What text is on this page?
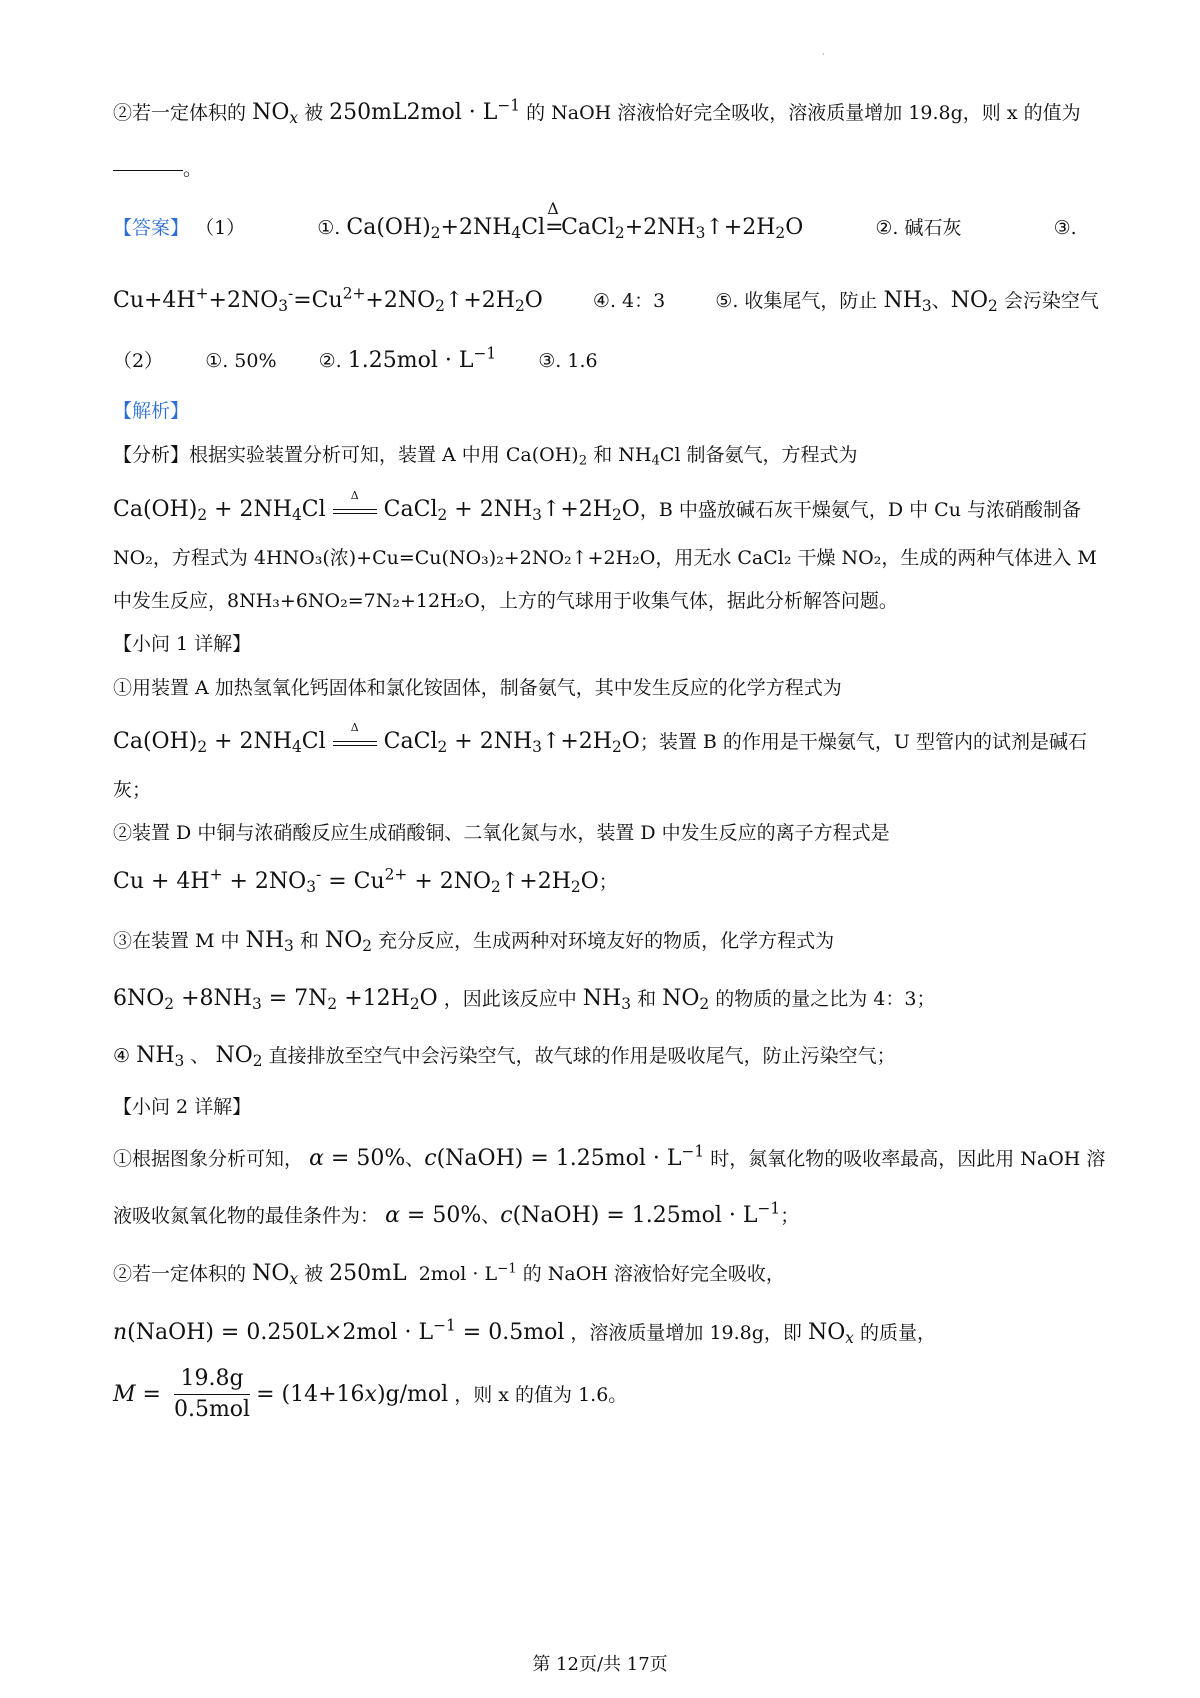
·
②若一定体积的 $NO_x$ 被 $250mL2mol \cdot L^{-1}$ 的 NaOH 溶液恰好完全吸收，溶液质量增加 19.8g，则 x 的值为
。
【答案】 （1）	①. $Ca(OH)_2+2NH_4Cl$
Δ
$=CaCl_2+2NH_3↑+2H_2O$	②. 碱石灰	③.
$Cu+4H^++2NO_3^-=Cu^{2+}+2NO_2↑+2H_2O$	④. 4：3	⑤. 收集尾气，防止 $NH_3$、$NO_2$ 会污染空气
（2） ①. 50% ②. $1.25mol \cdot L^{-1}$ ③. 1.6
【解析】
【分析】根据实验装置分析可知，装置 A 中用 $Ca(OH)_2$ 和 $NH_4Cl$ 制备氨气，方程式为
$Ca(OH)_2 + 2NH_4Cl$
Δ
CaCl$_2$ + $2NH_3↑+2H_2O$，B 中盛放碱石灰干燥氨气，D 中 Cu 与浓硝酸制备
NO₂，方程式为 4HNO₃(浓)+Cu=Cu(NO₃)₂+2NO₂↑+2H₂O，用无水 CaCl₂ 干燥 NO₂，生成的两种气体进入 M
中发生反应，8NH₃+6NO₂=7N₂+12H₂O，上方的气球用于收集气体，据此分析解答问题。
【小问 1 详解】
①用装置 A 加热氢氧化钙固体和氯化铵固体，制备氨气，其中发生反应的化学方程式为
$Ca(OH)_2 + 2NH_4Cl$
Δ
CaCl$_2$ + $2NH_3↑+2H_2O$；装置 B 的作用是干燥氨气，U 型管内的试剂是碱石
灰；
②装置 D 中铜与浓硝酸反应生成硝酸铜、二氧化氮与水，装置 D 中发生反应的离子方程式是
$Cu + 4H^+ + 2NO_3^- = Cu^{2+}$ + $2NO_2↑+2H_2O$；
③在装置 M 中 $NH_3$ 和 $NO_2$ 充分反应，生成两种对环境友好的物质，化学方程式为
$6NO_2 +8NH_3 = 7N_2 +12H_2O$ ，因此该反应中 $NH_3$ 和 $NO_2$ 的物质的量之比为 4：3；
④ $NH_3$ 、 $NO_2$ 直接排放至空气中会污染空气，故气球的作用是吸收尾气，防止污染空气；
【小问 2 详解】
①根据图象分析可知， α = 50%、c(NaOH) = $1.25mol \cdot L^{-1}$ 时，氮氧化物的吸收率最高，因此用 NaOH 溶
液吸收氮氧化物的最佳条件为： α = 50%、c(NaOH) = $1.25mol \cdot L^{-1}$；
②若一定体积的 $NO_x$ 被 250mL $2mol \cdot L^{-1}$ 的 NaOH 溶液恰好完全吸收，
n(NaOH) = $0.250L\times 2mol \cdot L^{-1} = 0.5mol$ ，溶液质量增加 19.8g，即 $NO_x$ 的质量，
$M = \frac{19.8g}{\text{0.5mol}} = (14+16x)g/mol$ ，则 x 的值为 1.6。
第 12页/共 17页
